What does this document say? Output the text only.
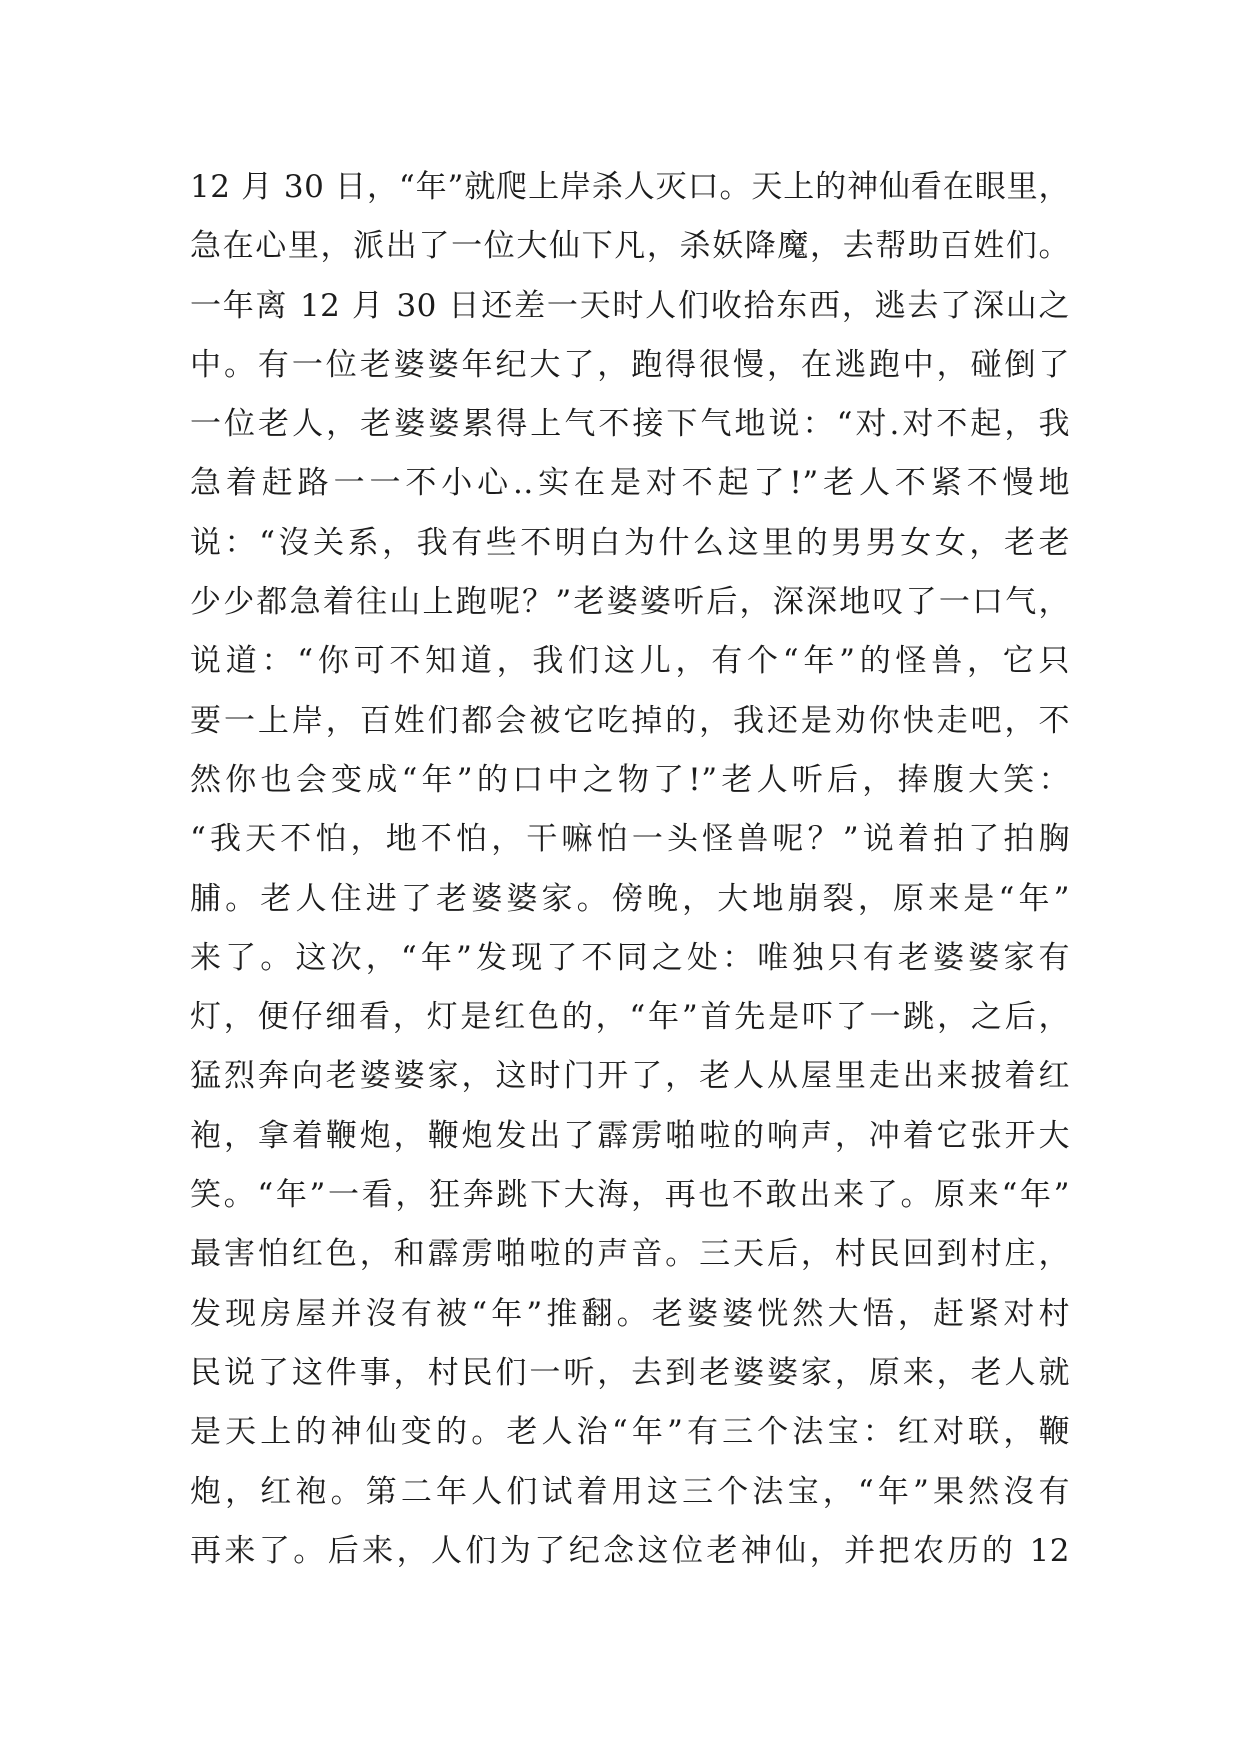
12 月 30 日，“年”就爬上岸杀人灭口。天上的神仙看在眼里，
急在心里，派出了一位大仙下凡，杀妖降魔，去帮助百姓们。
一年离 12 月 30 日还差一天时人们收拾东西，逃去了深山之
中。有一位老婆婆年纪大了，跑得很慢，在逃跑中，碰倒了
一位老人，老婆婆累得上气不接下气地说：“对.对不起，我
急着赶路一一不小心..实在是对不起了!”老人不紧不慢地
说：“沒关系，我有些不明白为什么这里的男男女女，老老
少少都急着往山上跑呢？”老婆婆听后，深深地叹了一口气，
说道：“你可不知道，我们这儿，有个“年”的怪兽，它只
要一上岸，百姓们都会被它吃掉的，我还是劝你快走吧，不
然你也会变成“年”的口中之物了!”老人听后，捧腹大笑：
“我天不怕，地不怕，干嘛怕一头怪兽呢？”说着拍了拍胸
脯。老人住进了老婆婆家。傍晚，大地崩裂，原来是“年”
来了。这次，“年”发现了不同之处：唯独只有老婆婆家有
灯，便仔细看，灯是红色的，“年”首先是吓了一跳，之后，
猛烈奔向老婆婆家，这时门开了，老人从屋里走出来披着红
袍，拿着鞭炮，鞭炮发出了霹雳啪啦的响声，冲着它张开大
笑。“年”一看，狂奔跳下大海，再也不敢出来了。原来“年”
最害怕红色，和霹雳啪啦的声音。三天后，村民回到村庄，
发现房屋并沒有被“年”推翻。老婆婆恍然大悟，赶紧对村
民说了这件事，村民们一听，去到老婆婆家，原来，老人就
是天上的神仙变的。老人治“年”有三个法宝：红对联，鞭
炮，红袍。第二年人们试着用这三个法宝，“年”果然沒有
再来了。后来，人们为了纪念这位老神仙，并把农历的 12
